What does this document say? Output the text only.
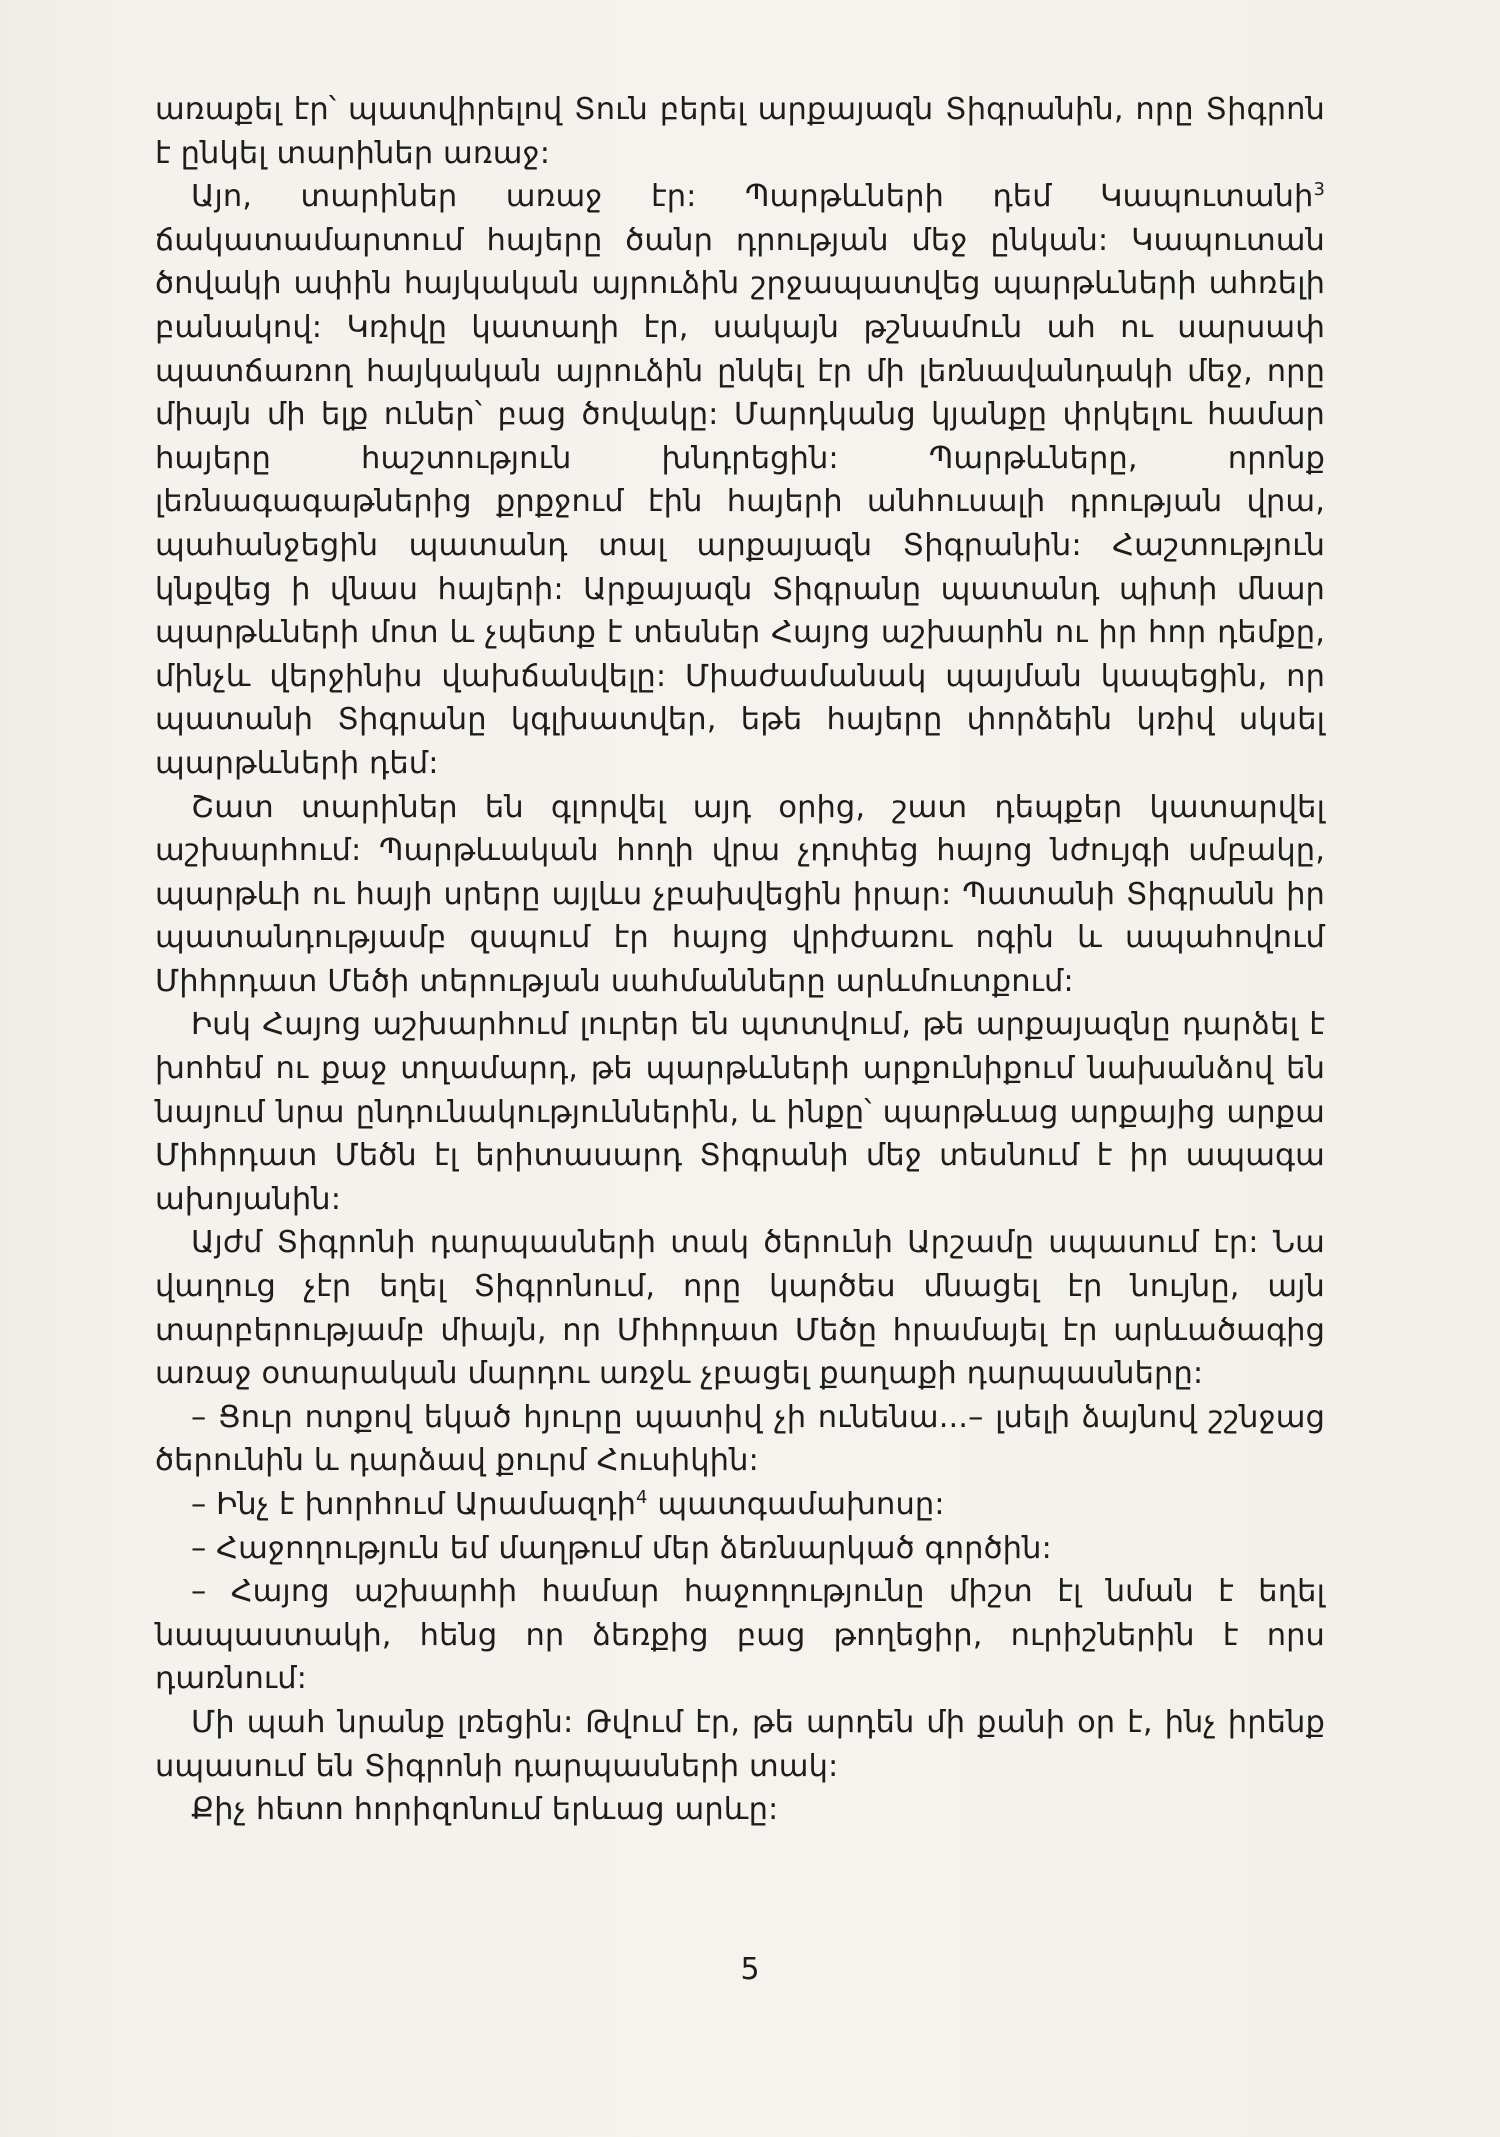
առաքել էր՝ պատվիրելով Տուն բերել արքայազն Տիգրանին, որը Տիգրոն է ընկել տարիներ առաջ:

Այո, տարիներ առաջ էր: Պարթևների դեմ Կապուտանի$^3$ ճակատամարտում հայերը ծանր դրության մեջ ընկան: Կապուտան ծովակի ափին հայկական այրուձին շրջապատվեց պարթևների ահռելի բանակով: Կռիվը կատաղի էր, սակայն թշնամուն ահ ու սարսափ պատճառող հայկական այրուձին ընկել էր մի լեռնավանդակի մեջ, որը միայն մի ելք ուներ՝ բաց ծովակը: Մարդկանց կյանքը փրկելու համար հայերը հաշտություն խնդրեցին: Պարթևները, որոնք լեռնագագաթներից քրքջում էին հայերի անհուսալի դրության վրա, պահանջեցին պատանդ տալ արքայազն Տիգրանին: Հաշտություն կնքվեց ի վնաս հայերի: Արքայազն Տիգրանը պատանդ պիտի մնար պարթևների մոտ և չպետք է տեսներ Հայոց աշխարհն ու իր հոր դեմքը, մինչև վերջինիս վախճանվելը: Միաժամանակ պայման կապեցին, որ պատանի Տիգրանը կգլխատվեր, եթե հայերը փորձեին կռիվ սկսել պարթևների դեմ:

Շատ տարիներ են գլորվել այդ օրից, շատ դեպքեր կատարվել աշխարհում: Պարթևական հողի վրա չդոփեց հայոց նժույգի սմբակը, պարթևի ու հայի սրերը այլևս չբախվեցին իրար: Պատանի Տիգրանն իր պատանդությամբ զսպում էր հայոց վրիժառու ոգին և ապահովում Միհրդատ Մեծի տերության սահմանները արևմուտքում:

Իսկ Հայոց աշխարհում լուրեր են պտտվում, թե արքայազնը դարձել է խոհեմ ու քաջ տղամարդ, թե պարթևների արքունիքում նախանձով են նայում նրա ընդունակություններին, և ինքը՝ պարթևաց արքայից արքա Միհրդատ Մեծն էլ երիտասարդ Տիգրանի մեջ տեսնում է իր ապագա ախոյանին:

Այժմ Տիգրոնի դարպասների տակ ծերունի Արշամը սպասում էր: Նա վաղուց չէր եղել Տիգրոնում, որը կարծես մնացել էր նույնը, այն տարբերությամբ միայն, որ Միհրդատ Մեծը հրամայել էր արևածագից առաջ օտարական մարդու առջև չբացել քաղաքի դարպասները:

– Ցուր ոտքով եկած հյուրը պատիվ չի ունենա...– լսելի ձայնով շշնջաց ծերունին և դարձավ քուրմ Հուսիկին:

– Ինչ է խորհում Արամազդի$^4$ պատգամախոսը:

– Հաջողություն եմ մաղթում մեր ձեռնարկած գործին:

– Հայոց աշխարհի համար հաջողությունը միշտ էլ նման է եղել նապաստակի, հենց որ ձեռքից բաց թողեցիր, ուրիշներին է որս դառնում:

Մի պահ նրանք լռեցին: Թվում էր, թե արդեն մի քանի օր է, ինչ իրենք սպասում են Տիգրոնի դարպասների տակ:

Քիչ հետո հորիզոնում երևաց արևը:

5
